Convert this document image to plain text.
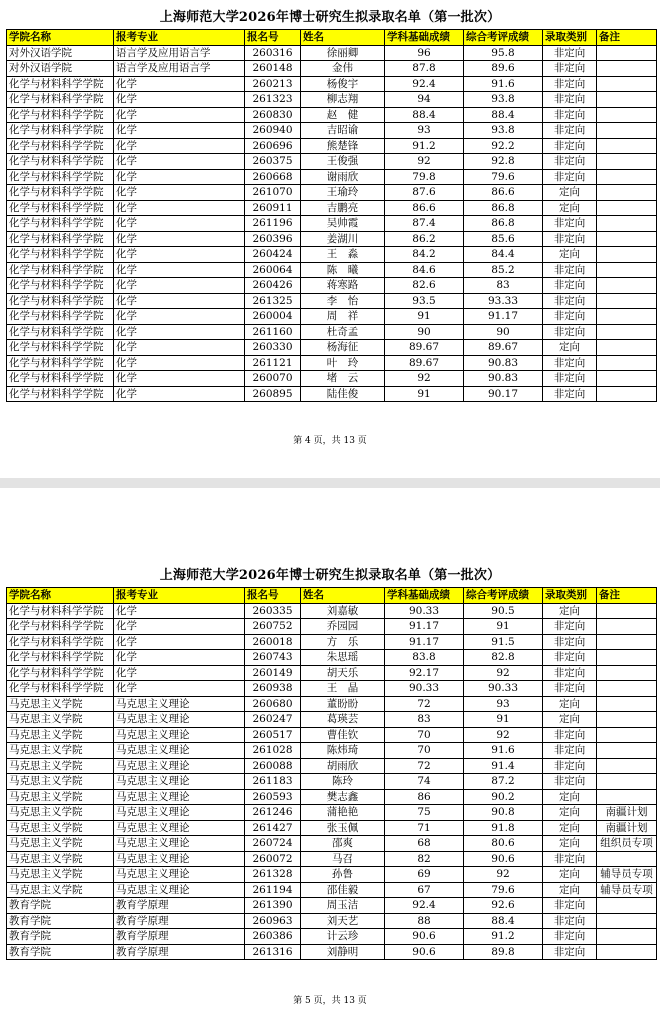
上海师范大学2026年博士研究生拟录取名单（第一批次）
学院名称	报考专业	报名号	姓名	学科基础成绩	综合考评成绩	录取类别	备注
对外汉语学院	语言学及应用语言学	260316	徐丽卿	96	95.8	非定向	
对外汉语学院	语言学及应用语言学	260148	金伟	87.8	89.6	非定向	
化学与材料科学学院	化学	260213	杨俊宇	92.4	91.6	非定向	
化学与材料科学学院	化学	261323	柳志翔	94	93.8	非定向	
化学与材料科学学院	化学	260830	赵　健	88.4	88.4	非定向	
化学与材料科学学院	化学	260940	吉昭谕	93	93.8	非定向	
化学与材料科学学院	化学	260696	熊楚锋	91.2	92.2	非定向	
化学与材料科学学院	化学	260375	王俊强	92	92.8	非定向	
化学与材料科学学院	化学	260668	谢雨欣	79.8	79.6	非定向	
化学与材料科学学院	化学	261070	王瑜玲	87.6	86.6	定向	
化学与材料科学学院	化学	260911	吉鹏亮	86.6	86.8	定向	
化学与材料科学学院	化学	261196	吴帅霞	87.4	86.8	非定向	
化学与材料科学学院	化学	260396	姜湖川	86.2	85.6	非定向	
化学与材料科学学院	化学	260424	王　淼	84.2	84.4	定向	
化学与材料科学学院	化学	260064	陈　曦	84.6	85.2	非定向	
化学与材料科学学院	化学	260426	蒋寒路	82.6	83	非定向	
化学与材料科学学院	化学	261325	李　怡	93.5	93.33	非定向	
化学与材料科学学院	化学	260004	周　祥	91	91.17	非定向	
化学与材料科学学院	化学	261160	杜奇孟	90	90	非定向	
化学与材料科学学院	化学	260330	杨海征	89.67	89.67	定向	
化学与材料科学学院	化学	261121	叶　玲	89.67	90.83	非定向	
化学与材料科学学院	化学	260070	堵　云	92	90.83	非定向	
化学与材料科学学院	化学	260895	陆佳俊	91	90.17	非定向	
第 4 页，共 13 页
上海师范大学2026年博士研究生拟录取名单（第一批次）
学院名称	报考专业	报名号	姓名	学科基础成绩	综合考评成绩	录取类别	备注
化学与材料科学学院	化学	260335	刘嘉敏	90.33	90.5	定向	
化学与材料科学学院	化学	260752	乔园园	91.17	91	非定向	
化学与材料科学学院	化学	260018	方　乐	91.17	91.5	非定向	
化学与材料科学学院	化学	260743	朱思瑶	83.8	82.8	非定向	
化学与材料科学学院	化学	260149	胡天乐	92.17	92	非定向	
化学与材料科学学院	化学	260938	王　晶	90.33	90.33	非定向	
马克思主义学院	马克思主义理论	260680	董盼盼	72	93	定向	
马克思主义学院	马克思主义理论	260247	葛瑛芸	83	91	定向	
马克思主义学院	马克思主义理论	260517	曹佳钦	70	92	非定向	
马克思主义学院	马克思主义理论	261028	陈炜琦	70	91.6	非定向	
马克思主义学院	马克思主义理论	260088	胡雨欣	72	91.4	非定向	
马克思主义学院	马克思主义理论	261183	陈玲	74	87.2	非定向	
马克思主义学院	马克思主义理论	260593	樊志鑫	86	90.2	定向	
马克思主义学院	马克思主义理论	261246	蒲艳艳	75	90.8	定向	南疆计划
马克思主义学院	马克思主义理论	261427	张玉佩	71	91.8	定向	南疆计划
马克思主义学院	马克思主义理论	260724	邵爽	68	80.6	定向	组织员专项
马克思主义学院	马克思主义理论	260072	马召	82	90.6	非定向	
马克思主义学院	马克思主义理论	261328	孙鲁	69	92	定向	辅导员专项
马克思主义学院	马克思主义理论	261194	邵佳毅	67	79.6	定向	辅导员专项
教育学院	教育学原理	261390	周玉洁	92.4	92.6	非定向	
教育学院	教育学原理	260963	刘天艺	88	88.4	非定向	
教育学院	教育学原理	260386	计云珍	90.6	91.2	非定向	
教育学院	教育学原理	261316	刘静明	90.6	89.8	非定向	
第 5 页，共 13 页
